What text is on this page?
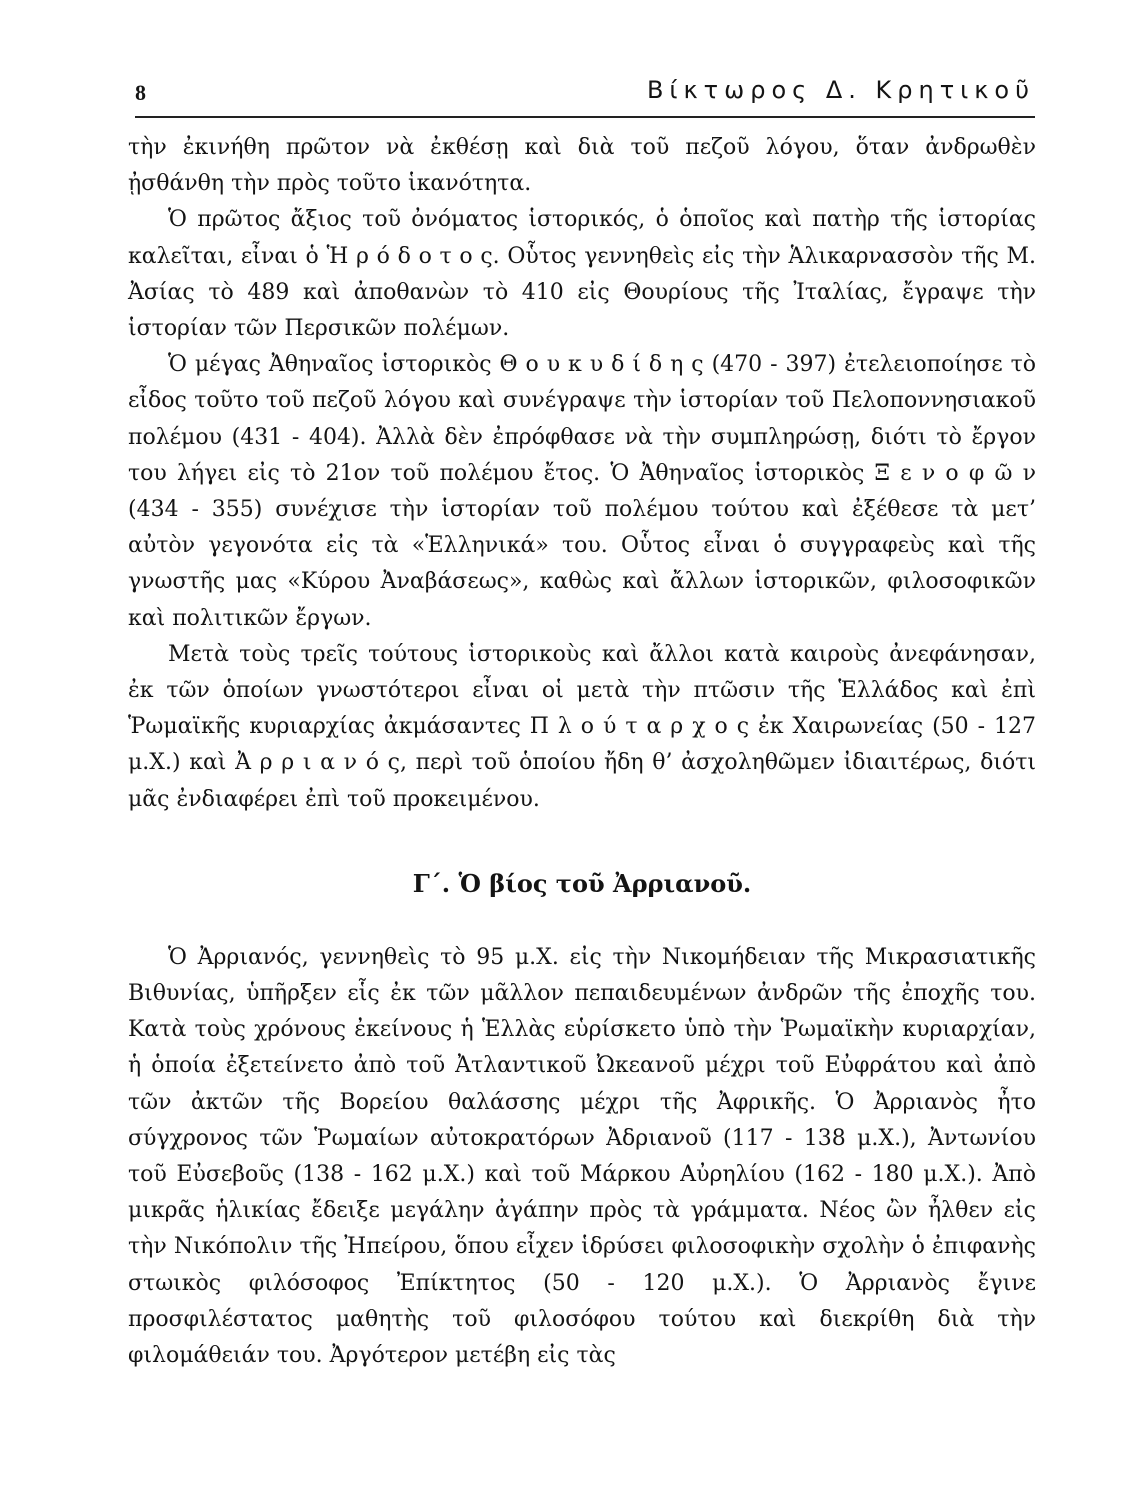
8	Βίκτωρος Δ. Κρητικοῦ

τὴν ἐκινήθη πρῶτον νὰ ἐκθέσῃ καὶ διὰ τοῦ πεζοῦ λόγου, ὅταν ἀνδρωθὲν ᾐσθάνθη τὴν πρὸς τοῦτο ἱκανότητα.

Ὁ πρῶτος ἄξιος τοῦ ὀνόματος ἱστορικός, ὁ ὁποῖος καὶ πατὴρ τῆς ἱστορίας καλεῖται, εἶναι ὁ Ἡ ρ ό δ ο τ ο ς. Οὗτος γεννηθεὶς εἰς τὴν Ἁλικαρνασσὸν τῆς Μ. Ἀσίας τὸ 489 καὶ ἀποθανὼν τὸ 410 εἰς Θουρίους τῆς Ἰταλίας, ἔγραψε τὴν ἱστορίαν τῶν Περσικῶν πολέμων.

Ὁ μέγας Ἀθηναῖος ἱστορικὸς Θ ο υ κ υ δ ί δ η ς (470 - 397) ἐτελειοποίησε τὸ εἶδος τοῦτο τοῦ πεζοῦ λόγου καὶ συνέγραψε τὴν ἱστορίαν τοῦ Πελοποννησιακοῦ πολέμου (431 - 404). Ἀλλὰ δὲν ἐπρόφθασε νὰ τὴν συμπληρώσῃ, διότι τὸ ἔργον του λήγει εἰς τὸ 21ον τοῦ πολέμου ἔτος. Ὁ Ἀθηναῖος ἱστορικὸς Ξ ε ν ο φ ῶ ν (434 - 355) συνέχισε τὴν ἱστορίαν τοῦ πολέμου τούτου καὶ ἐξέθεσε τὰ μετ’ αὐτὸν γεγονότα εἰς τὰ «Ἑλληνικά» του. Οὗτος εἶναι ὁ συγγραφεὺς καὶ τῆς γνωστῆς μας «Κύρου Ἀναβάσεως», καθὼς καὶ ἄλλων ἱστορικῶν, φιλοσοφικῶν καὶ πολιτικῶν ἔργων.

Μετὰ τοὺς τρεῖς τούτους ἱστορικοὺς καὶ ἄλλοι κατὰ καιροὺς ἀνεφάνησαν, ἐκ τῶν ὁποίων γνωστότεροι εἶναι οἱ μετὰ τὴν πτῶσιν τῆς Ἑλλάδος καὶ ἐπὶ Ῥωμαϊκῆς κυριαρχίας ἀκμάσαντες Π λ ο ύ τ α ρ χ ο ς ἐκ Χαιρωνείας (50 - 127 μ.Χ.) καὶ Ἀ ρ ρ ι α ν ό ς, περὶ τοῦ ὁποίου ἤδη θ’ ἀσχοληθῶμεν ἰδιαιτέρως, διότι μᾶς ἐνδιαφέρει ἐπὶ τοῦ προκειμένου.

Γ΄. Ὁ βίος τοῦ Ἀρριανοῦ.

Ὁ Ἀρριανός, γεννηθεὶς τὸ 95 μ.Χ. εἰς τὴν Νικομήδειαν τῆς Μικρασιατικῆς Βιθυνίας, ὑπῆρξεν εἷς ἐκ τῶν μᾶλλον πεπαιδευμένων ἀνδρῶν τῆς ἐποχῆς του. Κατὰ τοὺς χρόνους ἐκείνους ἡ Ἑλλὰς εὑρίσκετο ὑπὸ τὴν Ῥωμαϊκὴν κυριαρχίαν, ἡ ὁποία ἐξετείνετο ἀπὸ τοῦ Ἀτλαντικοῦ Ὠκεανοῦ μέχρι τοῦ Εὐφράτου καὶ ἀπὸ τῶν ἀκτῶν τῆς Βορείου θαλάσσης μέχρι τῆς Ἀφρικῆς. Ὁ Ἀρριανὸς ἦτο σύγχρονος τῶν Ῥωμαίων αὐτοκρατόρων Ἀδριανοῦ (117 - 138 μ.Χ.), Ἀντωνίου τοῦ Εὐσεβοῦς (138 - 162 μ.Χ.) καὶ τοῦ Μάρκου Αὐρηλίου (162 - 180 μ.Χ.). Ἀπὸ μικρᾶς ἡλικίας ἔδειξε μεγάλην ἀγάπην πρὸς τὰ γράμματα. Νέος ὢν ἦλθεν εἰς τὴν Νικόπολιν τῆς Ἠπείρου, ὅπου εἶχεν ἱδρύσει φιλοσοφικὴν σχολὴν ὁ ἐπιφανὴς στωικὸς φιλόσοφος Ἐπίκτητος (50 - 120 μ.Χ.). Ὁ Ἀρριανὸς ἔγινε προσφιλέστατος μαθητὴς τοῦ φιλοσόφου τούτου καὶ διεκρίθη διὰ τὴν φιλομάθειάν του. Ἀργότερον μετέβη εἰς τὰς
